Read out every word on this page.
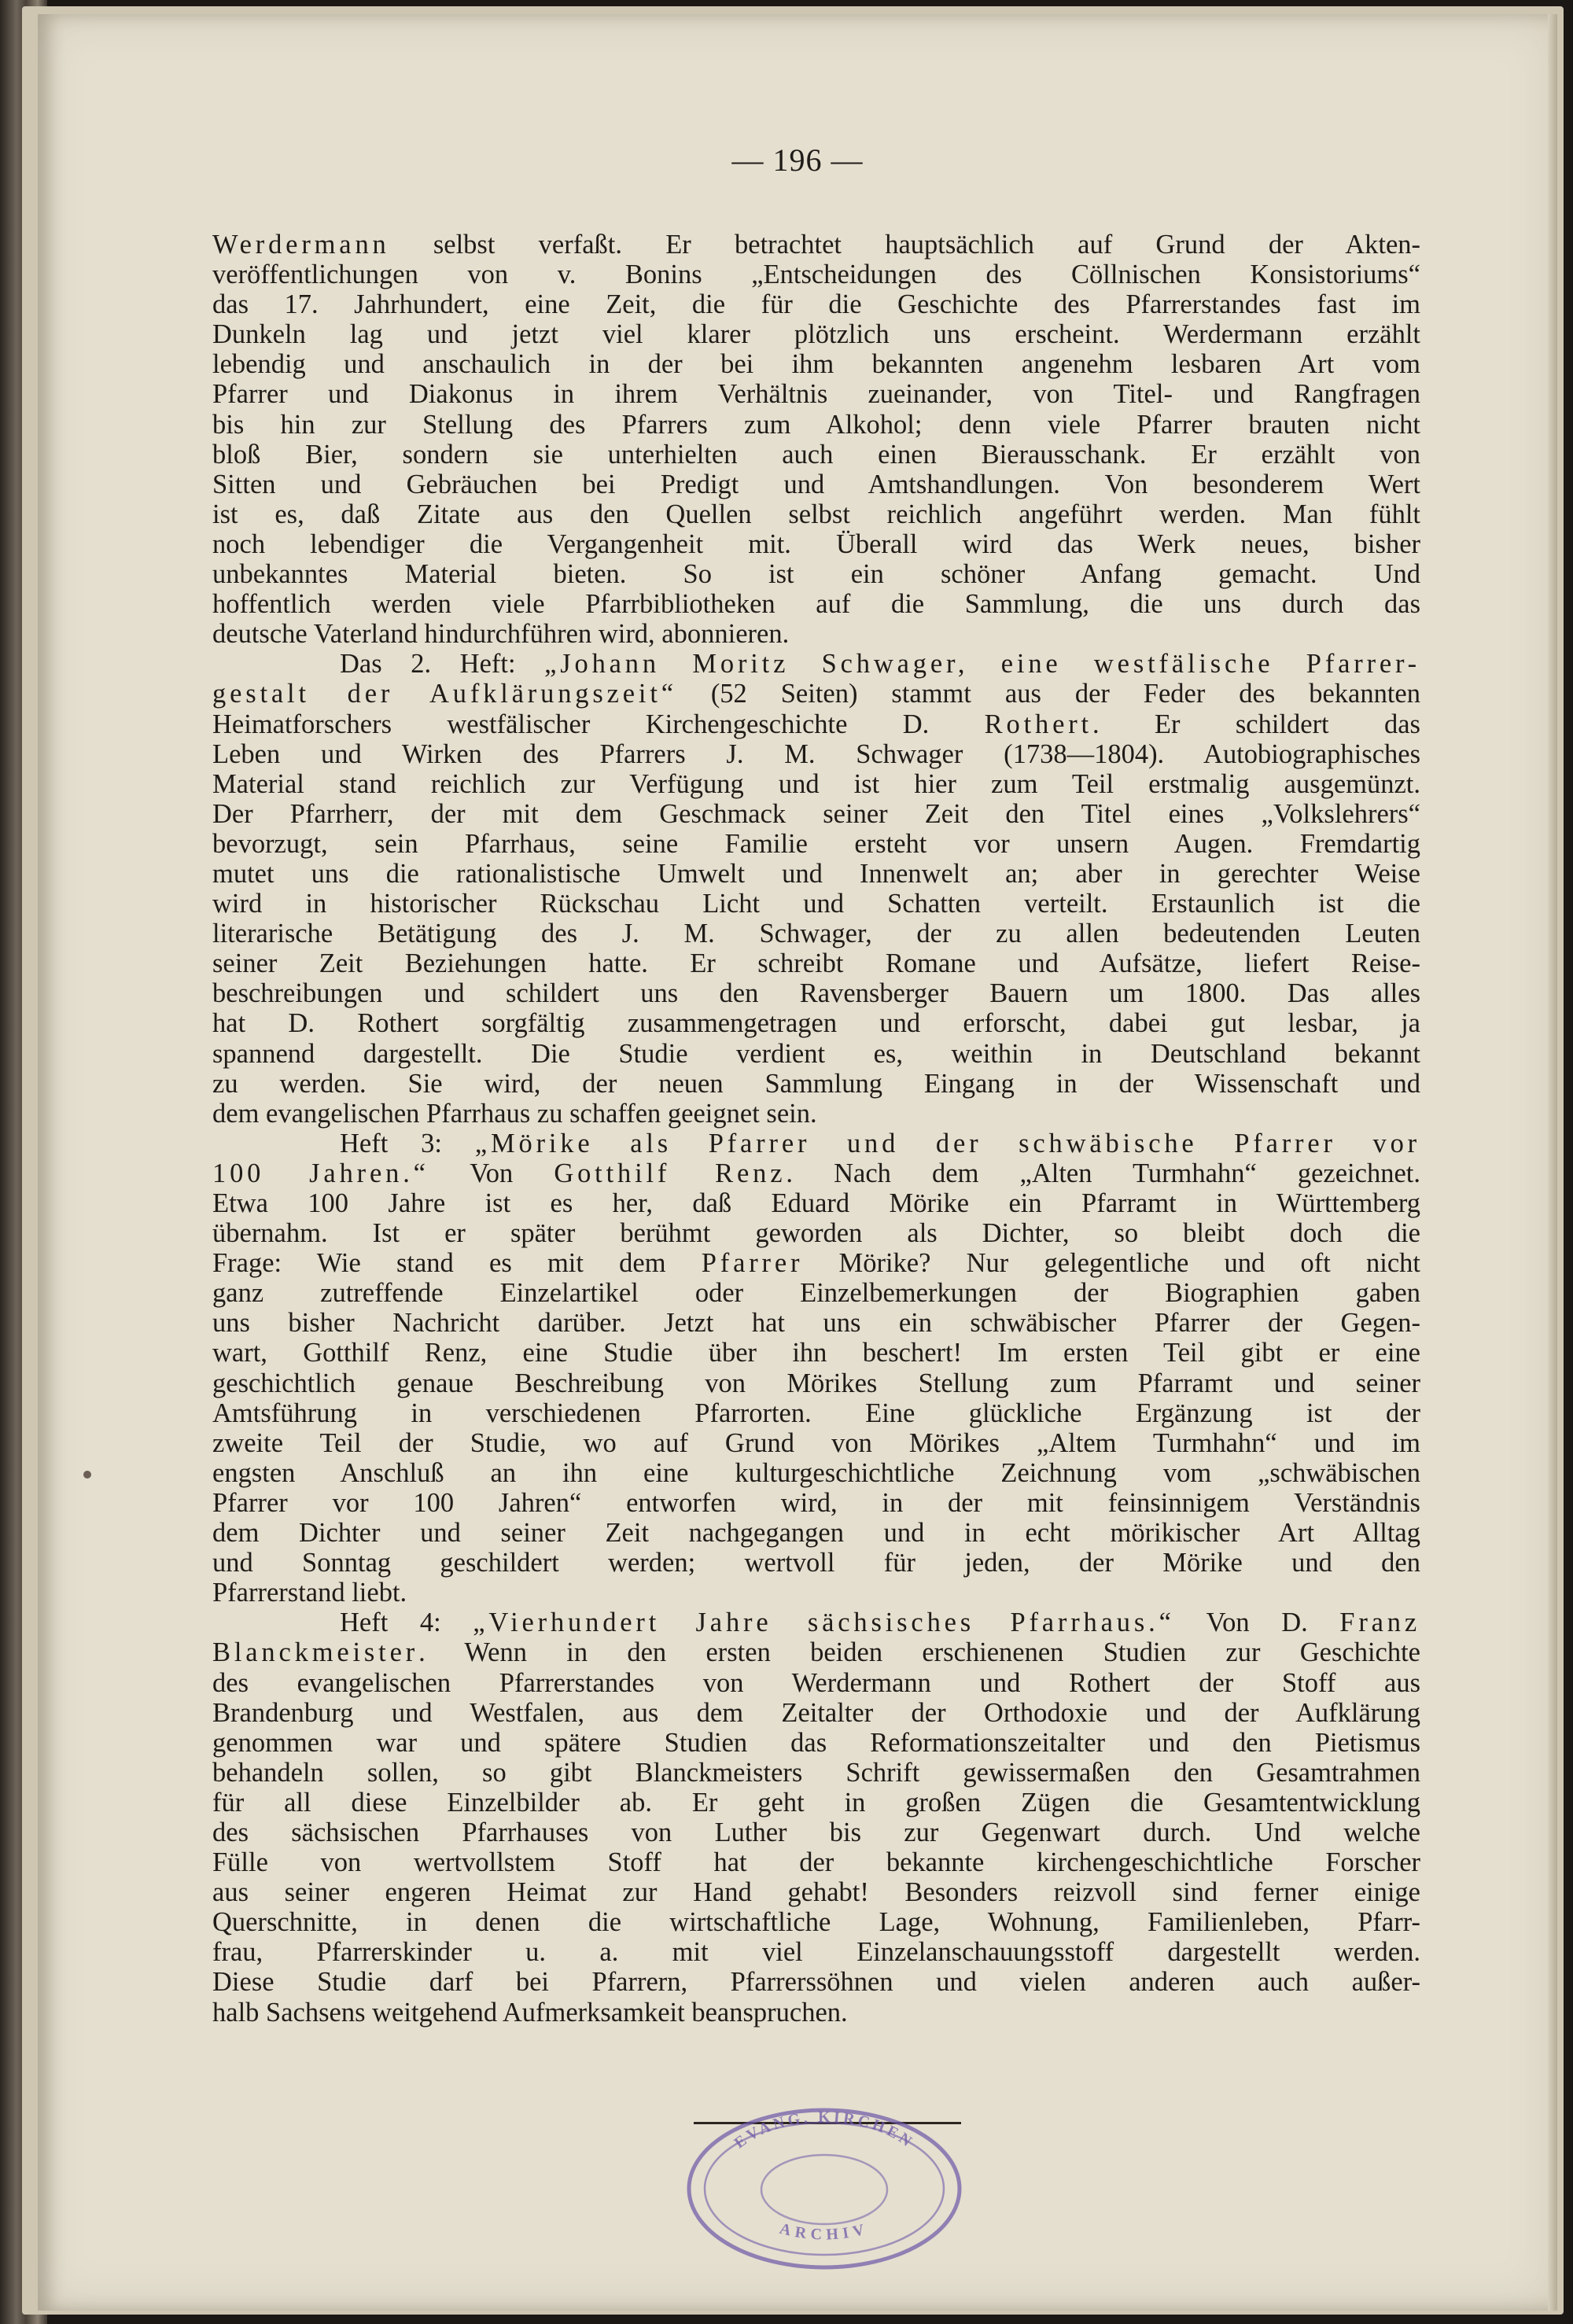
— 196 —

Werdermann selbst verfaßt. Er betrachtet hauptsächlich auf Grund der Akten-

veröffentlichungen von v. Bonins „Entscheidungen des Cöllnischen Konsistoriums“

das 17. Jahrhundert, eine Zeit, die für die Geschichte des Pfarrerstandes fast im

Dunkeln lag und jetzt viel klarer plötzlich uns erscheint. Werdermann erzählt

lebendig und anschaulich in der bei ihm bekannten angenehm lesbaren Art vom

Pfarrer und Diakonus in ihrem Verhältnis zueinander, von Titel- und Rangfragen

bis hin zur Stellung des Pfarrers zum Alkohol; denn viele Pfarrer brauten nicht

bloß Bier, sondern sie unterhielten auch einen Bierausschank. Er erzählt von

Sitten und Gebräuchen bei Predigt und Amtshandlungen. Von besonderem Wert

ist es, daß Zitate aus den Quellen selbst reichlich angeführt werden. Man fühlt

noch lebendiger die Vergangenheit mit. Überall wird das Werk neues, bisher

unbekanntes Material bieten. So ist ein schöner Anfang gemacht. Und

hoffentlich werden viele Pfarrbibliotheken auf die Sammlung, die uns durch das

deutsche Vaterland hindurchführen wird, abonnieren.

Das 2. Heft: „Johann Moritz Schwager, eine westfälische Pfarrer-

gestalt der Aufklärungszeit“ (52 Seiten) stammt aus der Feder des bekannten

Heimatforschers westfälischer Kirchengeschichte D. Rothert. Er schildert das

Leben und Wirken des Pfarrers J. M. Schwager (1738—1804). Autobiographisches

Material stand reichlich zur Verfügung und ist hier zum Teil erstmalig ausgemünzt.

Der Pfarrherr, der mit dem Geschmack seiner Zeit den Titel eines „Volkslehrers“

bevorzugt, sein Pfarrhaus, seine Familie ersteht vor unsern Augen. Fremdartig

mutet uns die rationalistische Umwelt und Innenwelt an; aber in gerechter Weise

wird in historischer Rückschau Licht und Schatten verteilt. Erstaunlich ist die

literarische Betätigung des J. M. Schwager, der zu allen bedeutenden Leuten

seiner Zeit Beziehungen hatte. Er schreibt Romane und Aufsätze, liefert Reise-

beschreibungen und schildert uns den Ravensberger Bauern um 1800. Das alles

hat D. Rothert sorgfältig zusammengetragen und erforscht, dabei gut lesbar, ja

spannend dargestellt. Die Studie verdient es, weithin in Deutschland bekannt

zu werden. Sie wird, der neuen Sammlung Eingang in der Wissenschaft und

dem evangelischen Pfarrhaus zu schaffen geeignet sein.

Heft 3: „Mörike als Pfarrer und der schwäbische Pfarrer vor

100 Jahren.“ Von Gotthilf Renz. Nach dem „Alten Turmhahn“ gezeichnet.

Etwa 100 Jahre ist es her, daß Eduard Mörike ein Pfarramt in Württemberg

übernahm. Ist er später berühmt geworden als Dichter, so bleibt doch die

Frage: Wie stand es mit dem Pfarrer Mörike? Nur gelegentliche und oft nicht

ganz zutreffende Einzelartikel oder Einzelbemerkungen der Biographien gaben

uns bisher Nachricht darüber. Jetzt hat uns ein schwäbischer Pfarrer der Gegen-

wart, Gotthilf Renz, eine Studie über ihn beschert! Im ersten Teil gibt er eine

geschichtlich genaue Beschreibung von Mörikes Stellung zum Pfarramt und seiner

Amtsführung in verschiedenen Pfarrorten. Eine glückliche Ergänzung ist der

zweite Teil der Studie, wo auf Grund von Mörikes „Altem Turmhahn“ und im

engsten Anschluß an ihn eine kulturgeschichtliche Zeichnung vom „schwäbischen

Pfarrer vor 100 Jahren“ entworfen wird, in der mit feinsinnigem Verständnis

dem Dichter und seiner Zeit nachgegangen und in echt mörikischer Art Alltag

und Sonntag geschildert werden; wertvoll für jeden, der Mörike und den

Pfarrerstand liebt.

Heft 4: „Vierhundert Jahre sächsisches Pfarrhaus.“ Von D. Franz

Blanckmeister. Wenn in den ersten beiden erschienenen Studien zur Geschichte

des evangelischen Pfarrerstandes von Werdermann und Rothert der Stoff aus

Brandenburg und Westfalen, aus dem Zeitalter der Orthodoxie und der Aufklärung

genommen war und spätere Studien das Reformationszeitalter und den Pietismus

behandeln sollen, so gibt Blanckmeisters Schrift gewissermaßen den Gesamtrahmen

für all diese Einzelbilder ab. Er geht in großen Zügen die Gesamtentwicklung

des sächsischen Pfarrhauses von Luther bis zur Gegenwart durch. Und welche

Fülle von wertvollstem Stoff hat der bekannte kirchengeschichtliche Forscher

aus seiner engeren Heimat zur Hand gehabt! Besonders reizvoll sind ferner einige

Querschnitte, in denen die wirtschaftliche Lage, Wohnung, Familienleben, Pfarr-

frau, Pfarrerskinder u. a. mit viel Einzelanschauungsstoff dargestellt werden.

Diese Studie darf bei Pfarrern, Pfarrerssöhnen und vielen anderen auch außer-

halb Sachsens weitgehend Aufmerksamkeit beanspruchen.

EVANG. KIRCHEN
ARCHIV
